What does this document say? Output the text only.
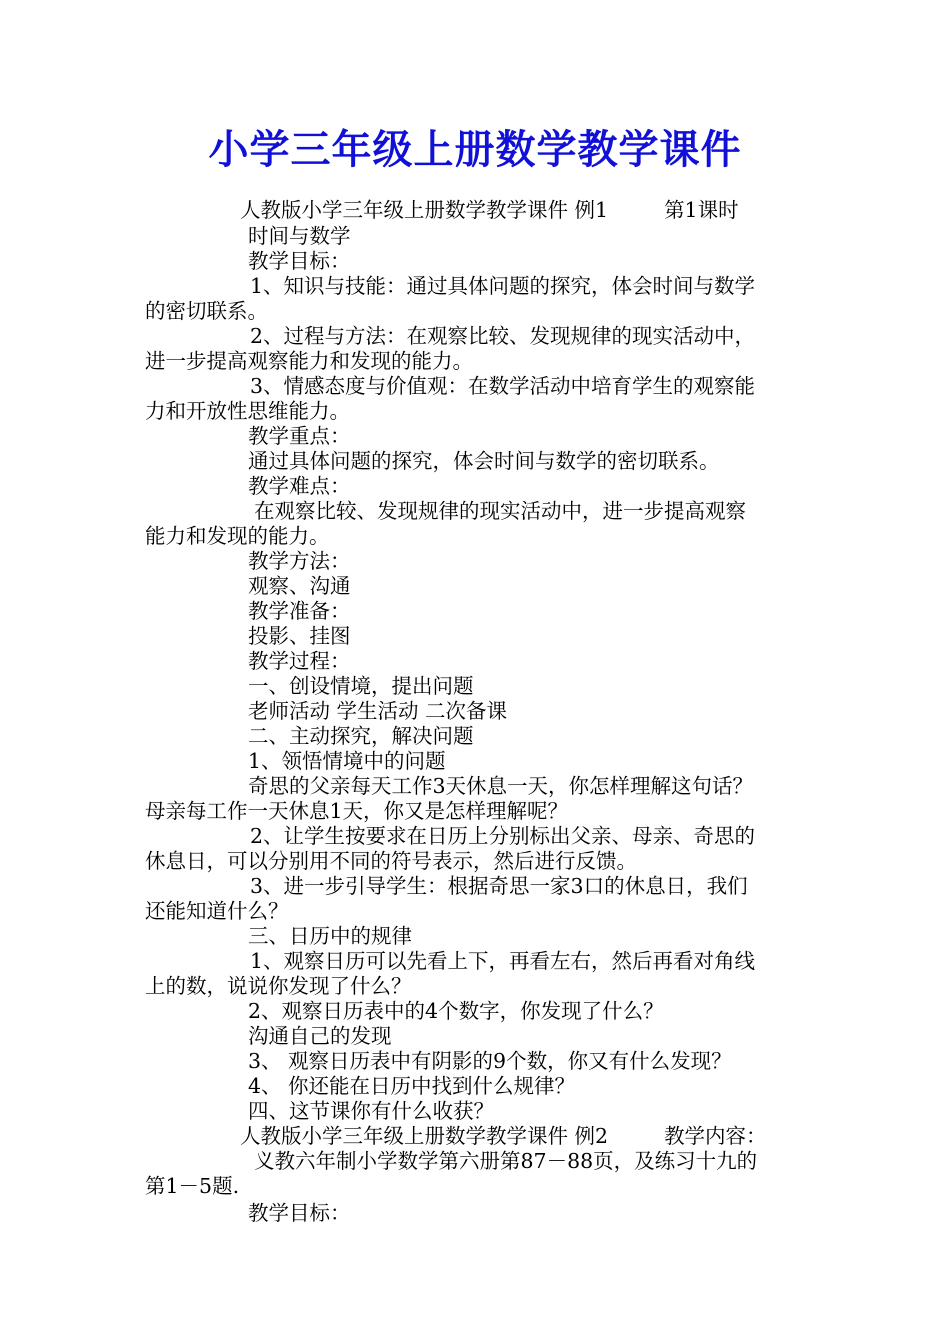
小学三年级上册数学教学课件
人教版小学三年级上册数学教学课件 例1	第1课时
时间与数学
教学目标：
1、知识与技能：通过具体问题的探究，体会时间与数学
的密切联系。
2、过程与方法：在观察比较、发现规律的现实活动中，
进一步提高观察能力和发现的能力。
3、情感态度与价值观：在数学活动中培育学生的观察能
力和开放性思维能力。
教学重点：
通过具体问题的探究，体会时间与数学的密切联系。
教学难点：
在观察比较、发现规律的现实活动中，进一步提高观察
能力和发现的能力。
教学方法：
观察、沟通
教学准备：
投影、挂图
教学过程：
一、创设情境，提出问题
老师活动 学生活动 二次备课
二、主动探究，解决问题
1、领悟情境中的问题
奇思的父亲每天工作3天休息一天，你怎样理解这句话？
母亲每工作一天休息1天，你又是怎样理解呢？
2、让学生按要求在日历上分别标出父亲、母亲、奇思的
休息日，可以分别用不同的符号表示，然后进行反馈。
3、进一步引导学生：根据奇思一家3口的休息日，我们
还能知道什么？
三、日历中的规律
1、观察日历可以先看上下，再看左右，然后再看对角线
上的数，说说你发现了什么？
2、观察日历表中的4个数字，你发现了什么？
沟通自己的发现
3、 观察日历表中有阴影的9个数，你又有什么发现？
4、 你还能在日历中找到什么规律？
四、这节课你有什么收获？
人教版小学三年级上册数学教学课件 例2	教学内容：
义教六年制小学数学第六册第87－88页，及练习十九的
第1－5题.
教学目标：
